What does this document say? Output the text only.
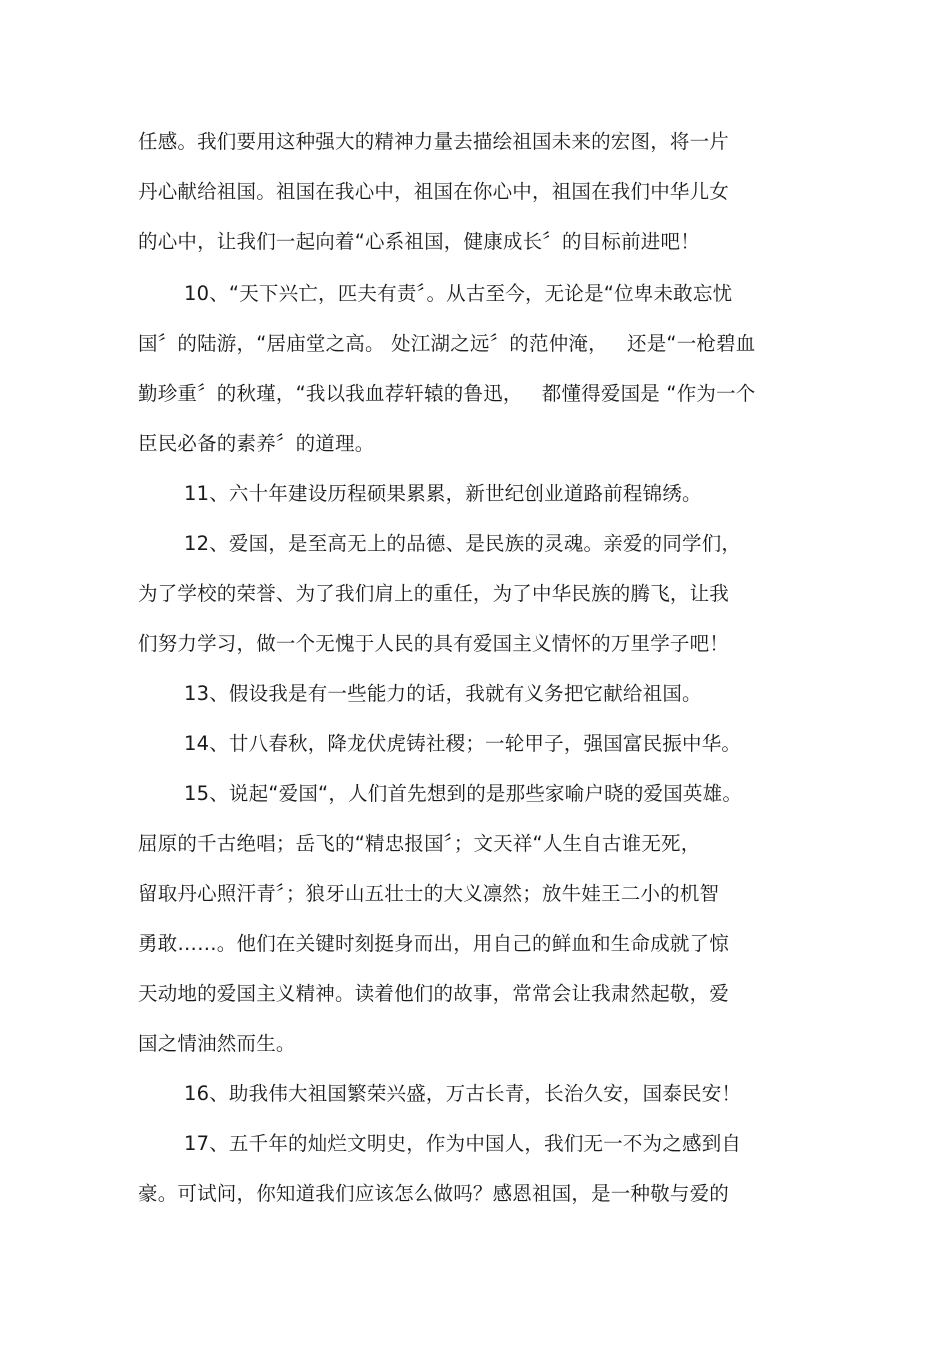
任感。我们要用这种强大的精神力量去描绘祖国未来的宏图，将一片
丹心献给祖国。祖国在我心中，祖国在你心中，祖国在我们中华儿女
的心中，让我们一起向着“心系祖国，健康成长〞的目标前进吧！
10、“天下兴亡，匹夫有责〞。从古至今，无论是“位卑未敢忘忧
国〞的陆游，“居庙堂之高。 处江湖之远〞的范仲淹，   还是“一枪碧血
勤珍重〞的秋瑾，“我以我血荐轩辕的鲁迅，   都懂得爱国是 “作为一个
臣民必备的素养〞的道理。
11、六十年建设历程硕果累累，新世纪创业道路前程锦绣。
12、爱国，是至高无上的品德、是民族的灵魂。亲爱的同学们，
为了学校的荣誉、为了我们肩上的重任，为了中华民族的腾飞，让我
们努力学习，做一个无愧于人民的具有爱国主义情怀的万里学子吧！
13、假设我是有一些能力的话，我就有义务把它献给祖国。
14、廿八春秋，降龙伏虎铸社稷；一轮甲子，强国富民振中华。
15、说起“爱国“，人们首先想到的是那些家喻户晓的爱国英雄。
屈原的千古绝唱；岳飞的“精忠报国〞；文天祥“人生自古谁无死，
留取丹心照汗青〞；狼牙山五壮士的大义凛然；放牛娃王二小的机智
勇敢……。他们在关键时刻挺身而出，用自己的鲜血和生命成就了惊
天动地的爱国主义精神。读着他们的故事，常常会让我肃然起敬，爱
国之情油然而生。
16、助我伟大祖国繁荣兴盛，万古长青，长治久安，国泰民安！
17、五千年的灿烂文明史，作为中国人，我们无一不为之感到自
豪。可试问，你知道我们应该怎么做吗？感恩祖国，是一种敬与爱的
